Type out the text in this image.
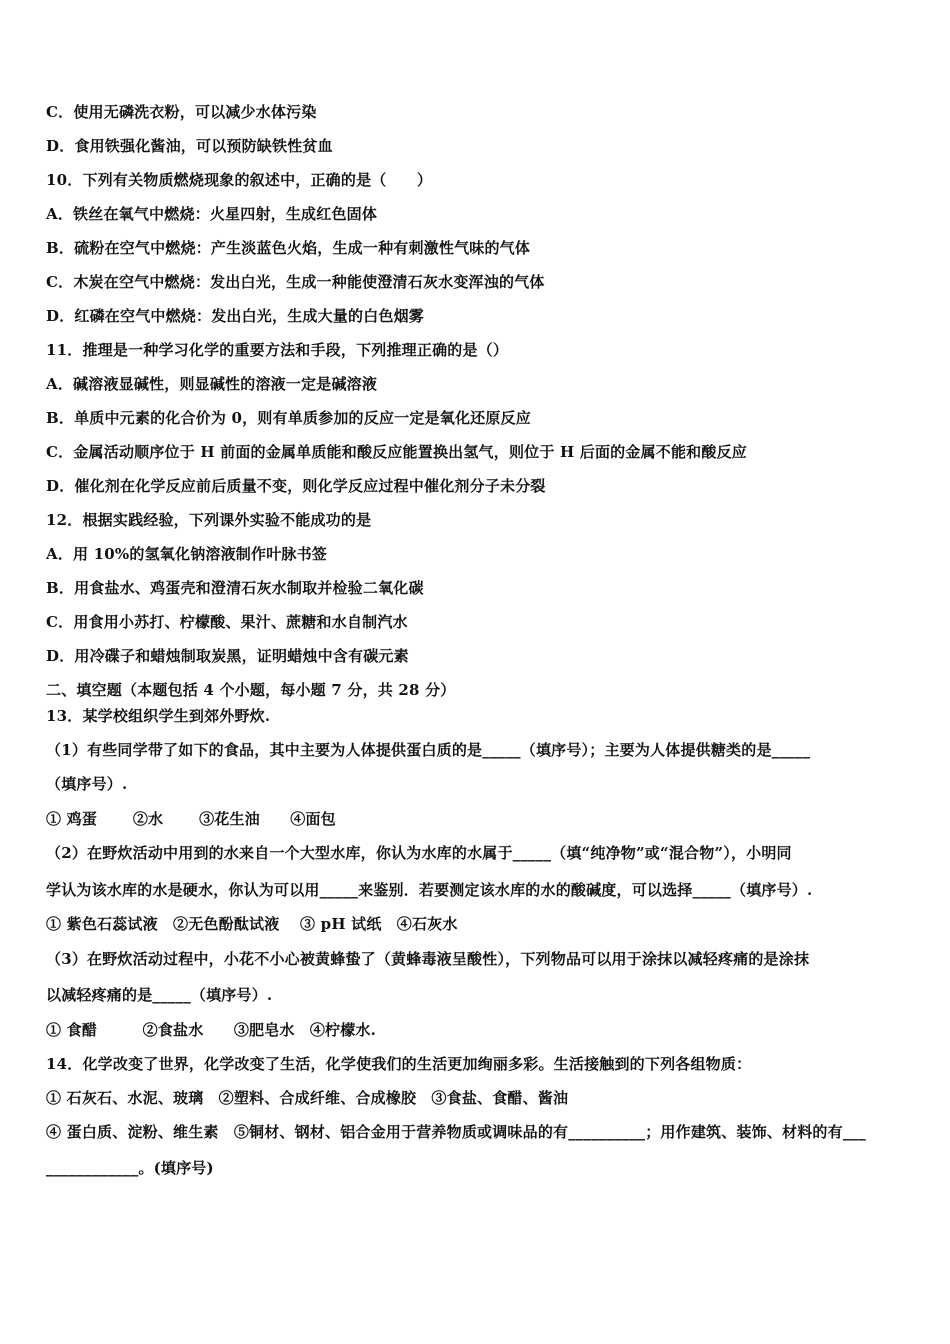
C．使用无磷洗衣粉，可以减少水体污染
D．食用铁强化酱油，可以预防缺铁性贫血
10．下列有关物质燃烧现象的叙述中，正确的是（　　）
A．铁丝在氧气中燃烧：火星四射，生成红色固体
B．硫粉在空气中燃烧：产生淡蓝色火焰，生成一种有刺激性气味的气体
C．木炭在空气中燃烧：发出白光，生成一种能使澄清石灰水变浑浊的气体
D．红磷在空气中燃烧：发出白光，生成大量的白色烟雾
11．推理是一种学习化学的重要方法和手段，下列推理正确的是（）
A．碱溶液显碱性，则显碱性的溶液一定是碱溶液
B．单质中元素的化合价为 0，则有单质参加的反应一定是氧化还原反应
C．金属活动顺序位于 H 前面的金属单质能和酸反应能置换出氢气，则位于 H 后面的金属不能和酸反应
D．催化剂在化学反应前后质量不变，则化学反应过程中催化剂分子未分裂
12．根据实践经验，下列课外实验不能成功的是
A．用 10%的氢氧化钠溶液制作叶脉书签
B．用食盐水、鸡蛋壳和澄清石灰水制取并检验二氧化碳
C．用食用小苏打、柠檬酸、果汁、蔗糖和水自制汽水
D．用冷碟子和蜡烛制取炭黑，证明蜡烛中含有碳元素
二、填空题（本题包括 4 个小题，每小题 7 分，共 28 分）
13．某学校组织学生到郊外野炊.
（1）有些同学带了如下的食品，其中主要为人体提供蛋白质的是_____（填序号）；主要为人体提供糖类的是_____
（填序号）.
① 鸡蛋　　 ②水　　 ③花生油　　④面包
（2）在野炊活动中用到的水来自一个大型水库，你认为水库的水属于_____（填“纯净物”或“混合物”），小明同
学认为该水库的水是硬水，你认为可以用_____来鉴别．若要测定该水库的水的酸碱度，可以选择_____（填序号）.
① 紫色石蕊试液　②无色酚酞试液　 ③ pH 试纸　④石灰水
（3）在野炊活动过程中，小花不小心被黄蜂蛰了（黄蜂毒液呈酸性），下列物品可以用于涂抹以减轻疼痛的是涂抹
以减轻疼痛的是_____（填序号）.
① 食醋　　　②食盐水　　③肥皂水　④柠檬水.
14．化学改变了世界，化学改变了生活，化学使我们的生活更加绚丽多彩。生活接触到的下列各组物质：
① 石灰石、水泥、玻璃　②塑料、合成纤维、合成橡胶　③食盐、食醋、酱油
④ 蛋白质、淀粉、维生素　⑤铜材、钢材、铝合金用于营养物质或调味品的有__________；用作建筑、装饰、材料的有___
____________。(填序号)
